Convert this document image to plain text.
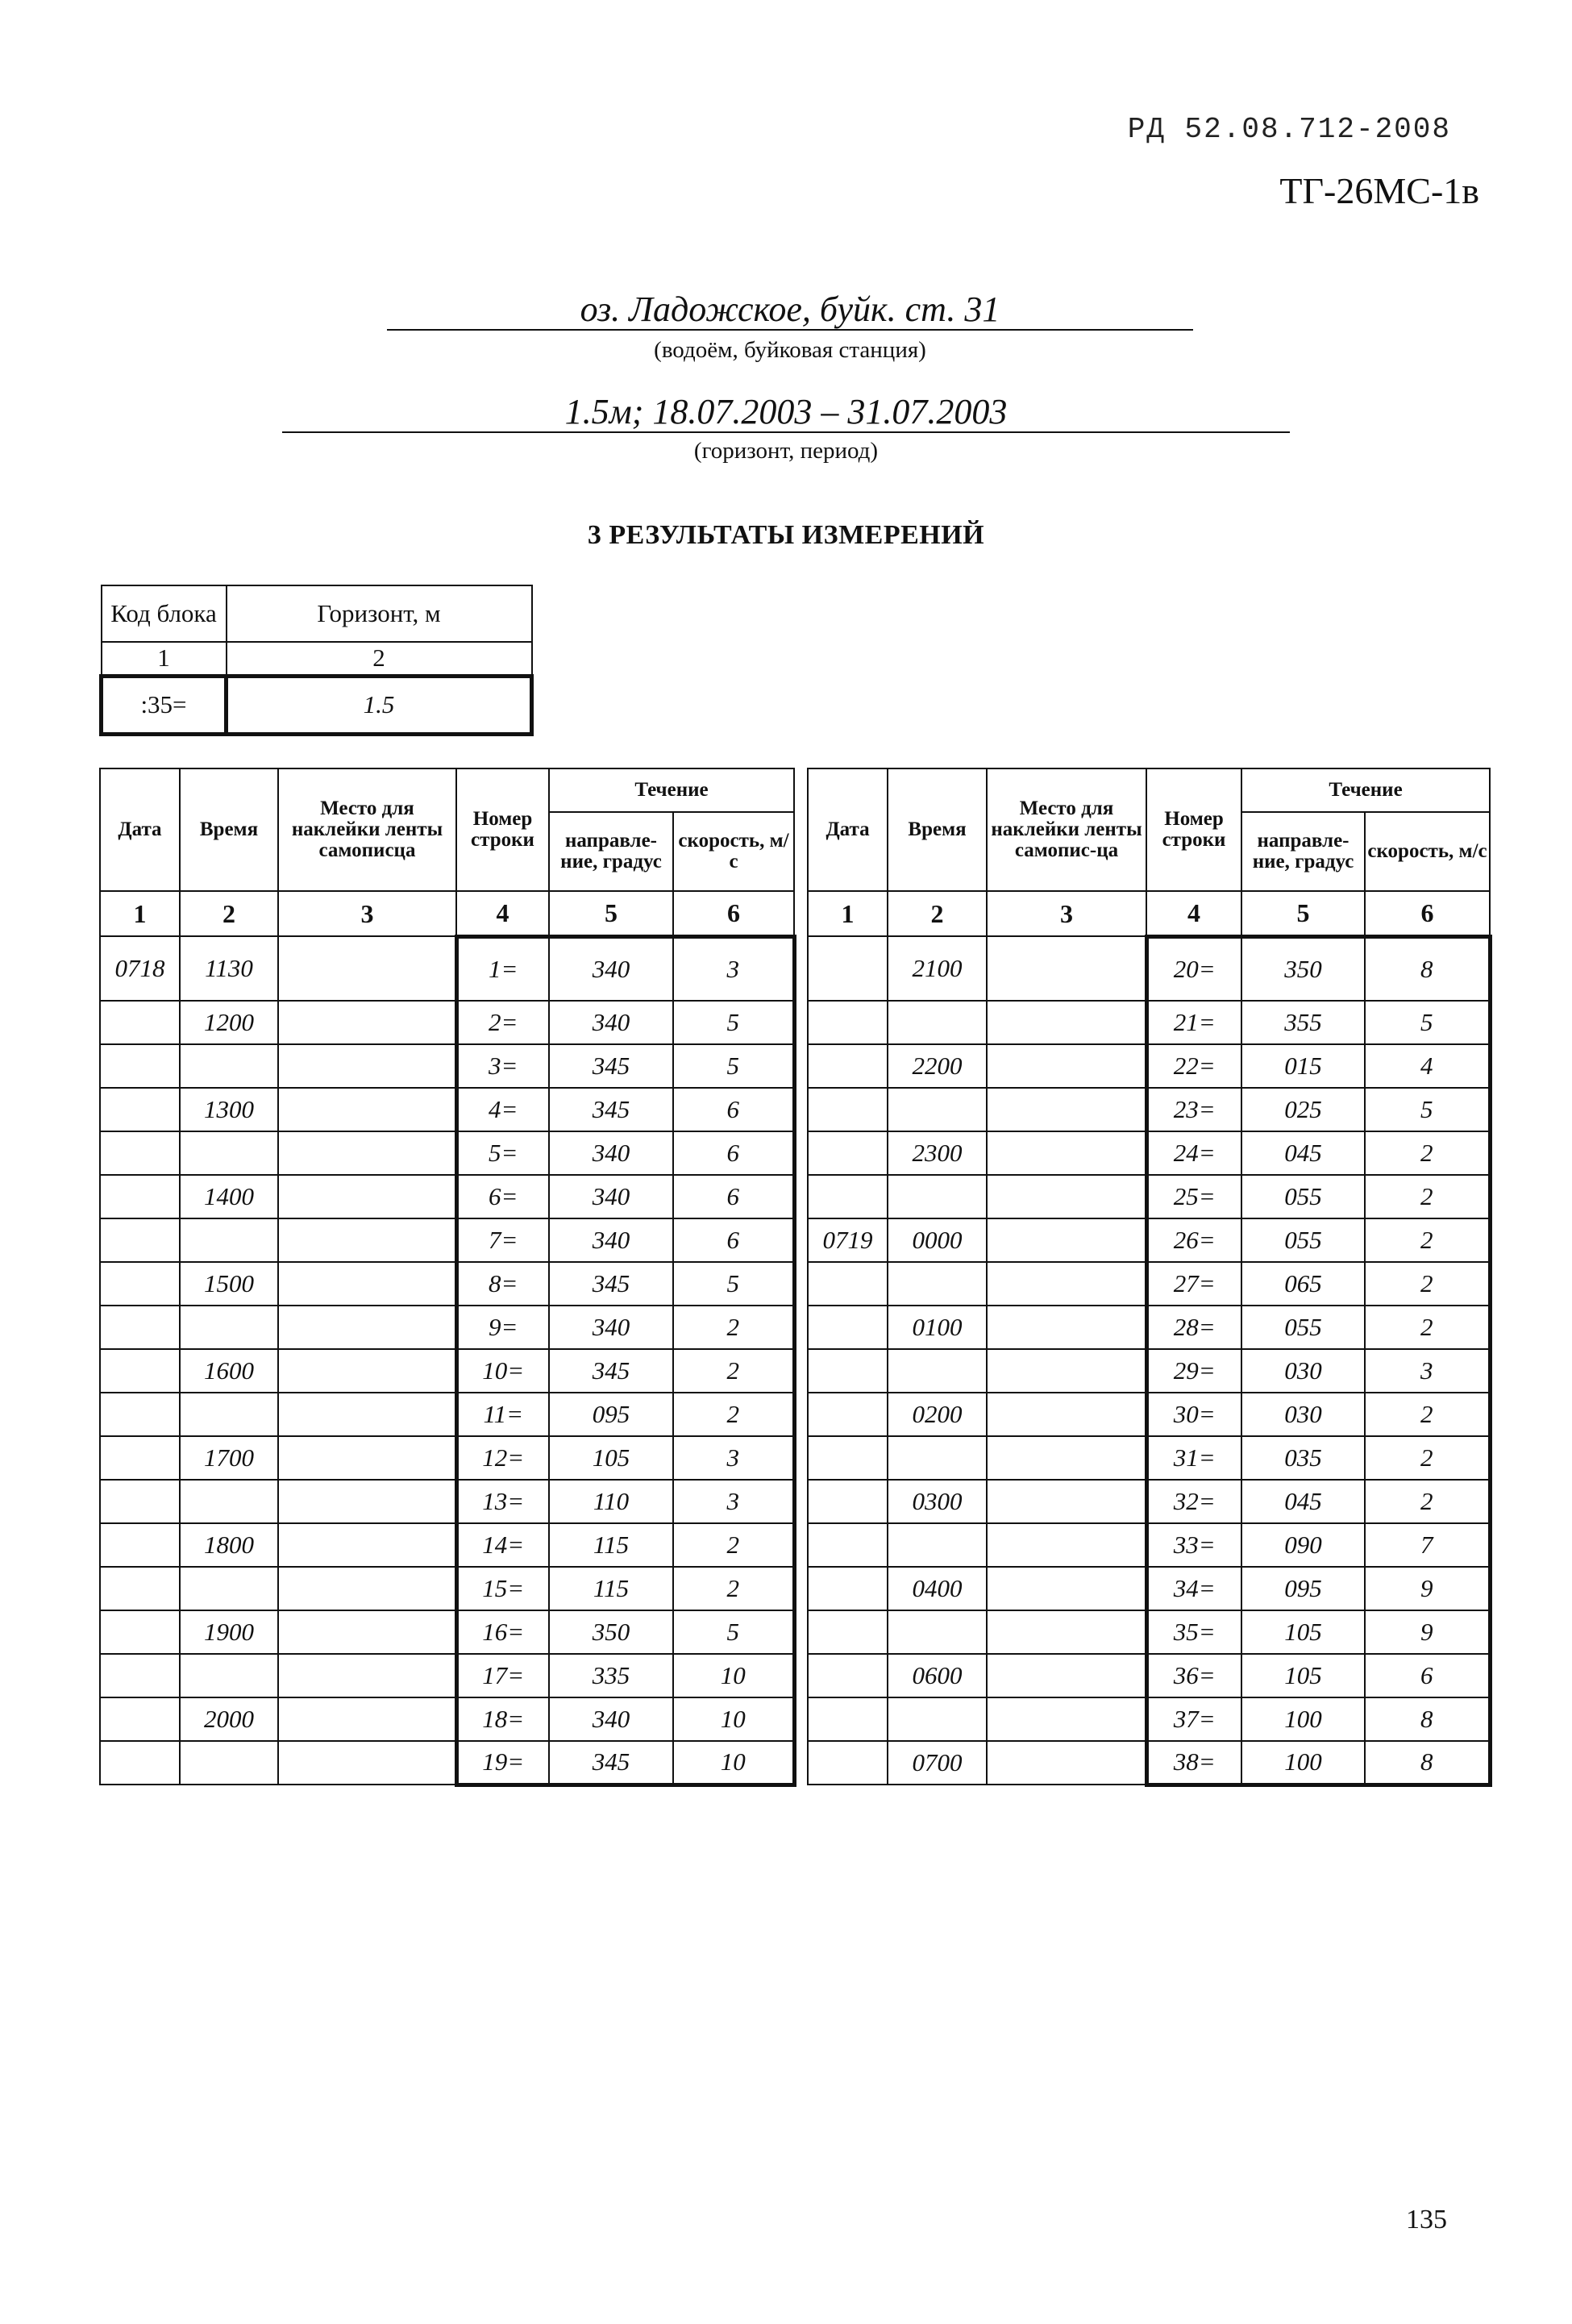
РД 52.08.712-2008
ТГ-26МС-1в
оз. Ладожское, буйк. ст. 31
(водоём, буйковая станция)
1.5м; 18.07.2003 – 31.07.2003
(горизонт, период)
3 РЕЗУЛЬТАТЫ ИЗМЕРЕНИЙ
Код блока	Горизонт, м
1	2
:35=	1.5
Дата	Время	Место для наклейки ленты самописца	Номер строки	Течение			Дата	Время	Место для наклейки ленты самопис-ца	Номер строки	Течение	
				направле-ние, градус	скорость, м/с						направле-ние, градус	скорость, м/с
1	2	3	4	5	6		1	2	3	4	5	6
0718	1130		1=	340	3			2100		20=	350	8
	1200		2=	340	5					21=	355	5
			3=	345	5			2200		22=	015	4
	1300		4=	345	6					23=	025	5
			5=	340	6			2300		24=	045	2
	1400		6=	340	6					25=	055	2
			7=	340	6		0719	0000		26=	055	2
	1500		8=	345	5					27=	065	2
			9=	340	2			0100		28=	055	2
	1600		10=	345	2					29=	030	3
			11=	095	2			0200		30=	030	2
	1700		12=	105	3					31=	035	2
			13=	110	3			0300		32=	045	2
	1800		14=	115	2					33=	090	7
			15=	115	2			0400		34=	095	9
	1900		16=	350	5					35=	105	9
			17=	335	10			0600		36=	105	6
	2000		18=	340	10					37=	100	8
			19=	345	10			0700		38=	100	8
135
